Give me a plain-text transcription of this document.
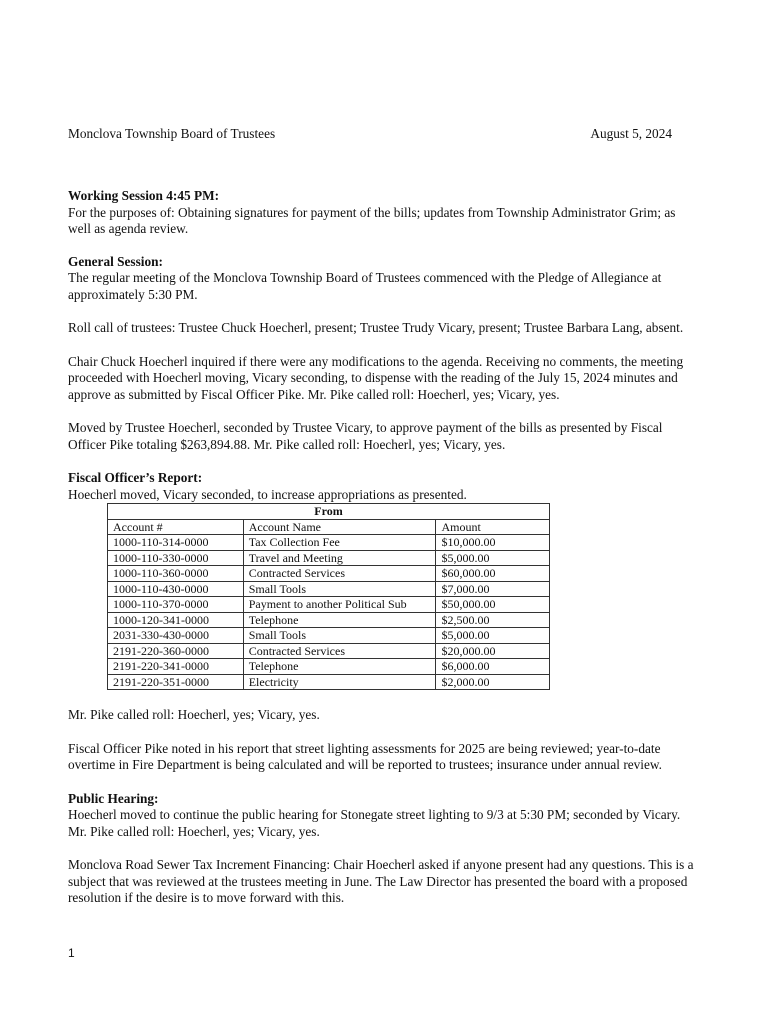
Monclova Township Board of Trustees	August 5, 2024
Working Session 4:45 PM:

For the purposes of: Obtaining signatures for payment of the bills; updates from Township Administrator Grim; as well as agenda review.

General Session:

The regular meeting of the Monclova Township Board of Trustees commenced with the Pledge of Allegiance at approximately 5:30 PM.

Roll call of trustees: Trustee Chuck Hoecherl, present; Trustee Trudy Vicary, present; Trustee Barbara Lang, absent.

Chair Chuck Hoecherl inquired if there were any modifications to the agenda. Receiving no comments, the meeting proceeded with Hoecherl moving, Vicary seconding, to dispense with the reading of the July 15, 2024 minutes and approve as submitted by Fiscal Officer Pike. Mr. Pike called roll: Hoecherl, yes; Vicary, yes.

Moved by Trustee Hoecherl, seconded by Trustee Vicary, to approve payment of the bills as presented by Fiscal Officer Pike totaling $263,894.88. Mr. Pike called roll: Hoecherl, yes; Vicary, yes.

Fiscal Officer’s Report:

Hoecherl moved, Vicary seconded, to increase appropriations as presented.

From		
Account #	Account Name	Amount
1000-110-314-0000	Tax Collection Fee	$10,000.00
1000-110-330-0000	Travel and Meeting	$5,000.00
1000-110-360-0000	Contracted Services	$60,000.00
1000-110-430-0000	Small Tools	$7,000.00
1000-110-370-0000	Payment to another Political Sub	$50,000.00
1000-120-341-0000	Telephone	$2,500.00
2031-330-430-0000	Small Tools	$5,000.00
2191-220-360-0000	Contracted Services	$20,000.00
2191-220-341-0000	Telephone	$6,000.00
2191-220-351-0000	Electricity	$2,000.00

Mr. Pike called roll: Hoecherl, yes; Vicary, yes.

Fiscal Officer Pike noted in his report that street lighting assessments for 2025 are being reviewed; year-to-date overtime in Fire Department is being calculated and will be reported to trustees; insurance under annual review.

Public Hearing:

Hoecherl moved to continue the public hearing for Stonegate street lighting to 9/3 at 5:30 PM; seconded by Vicary. Mr. Pike called roll: Hoecherl, yes; Vicary, yes.

Monclova Road Sewer Tax Increment Financing: Chair Hoecherl asked if anyone present had any questions. This is a subject that was reviewed at the trustees meeting in June. The Law Director has presented the board with a proposed resolution if the desire is to move forward with this.

1
